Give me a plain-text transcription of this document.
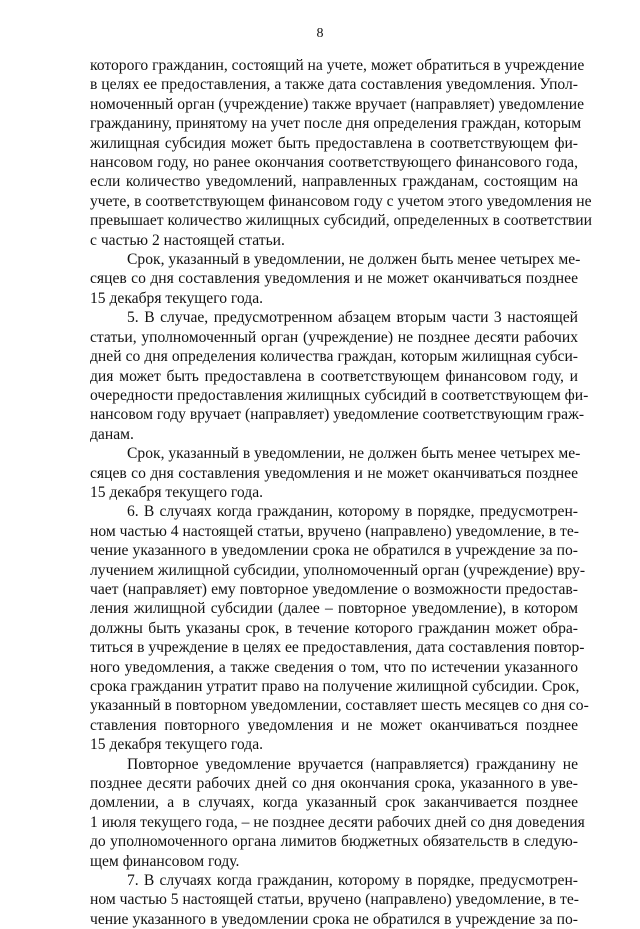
8
которого гражданин, состоящий на учете, может обратиться в учреждение
в целях ее предоставления, а также дата составления уведомления. Упол-
номоченный орган (учреждение) также вручает (направляет) уведомление
гражданину, принятому на учет после дня определения граждан, которым
жилищная субсидия может быть предоставлена в соответствующем фи-
нансовом году, но ранее окончания соответствующего финансового года,
если количество уведомлений, направленных гражданам, состоящим на
учете, в соответствующем финансовом году с учетом этого уведомления не
превышает количество жилищных субсидий, определенных в соответствии
с частью 2 настоящей статьи.
Срок, указанный в уведомлении, не должен быть менее четырех ме-
сяцев со дня составления уведомления и не может оканчиваться позднее
15 декабря текущего года.
5. В случае, предусмотренном абзацем вторым части 3 настоящей
статьи, уполномоченный орган (учреждение) не позднее десяти рабочих
дней со дня определения количества граждан, которым жилищная субси-
дия может быть предоставлена в соответствующем финансовом году, и
очередности предоставления жилищных субсидий в соответствующем фи-
нансовом году вручает (направляет) уведомление соответствующим граж-
данам.
Срок, указанный в уведомлении, не должен быть менее четырех ме-
сяцев со дня составления уведомления и не может оканчиваться позднее
15 декабря текущего года.
6. В случаях когда гражданин, которому в порядке, предусмотрен-
ном частью 4 настоящей статьи, вручено (направлено) уведомление, в те-
чение указанного в уведомлении срока не обратился в учреждение за по-
лучением жилищной субсидии, уполномоченный орган (учреждение) вру-
чает (направляет) ему повторное уведомление о возможности предостав-
ления жилищной субсидии (далее – повторное уведомление), в котором
должны быть указаны срок, в течение которого гражданин может обра-
титься в учреждение в целях ее предоставления, дата составления повтор-
ного уведомления, а также сведения о том, что по истечении указанного
срока гражданин утратит право на получение жилищной субсидии. Срок,
указанный в повторном уведомлении, составляет шесть месяцев со дня со-
ставления повторного уведомления и не может оканчиваться позднее
15 декабря текущего года.
Повторное уведомление вручается (направляется) гражданину не
позднее десяти рабочих дней со дня окончания срока, указанного в уве-
домлении, а в случаях, когда указанный срок заканчивается позднее
1 июля текущего года, – не позднее десяти рабочих дней со дня доведения
до уполномоченного органа лимитов бюджетных обязательств в следую-
щем финансовом году.
7. В случаях когда гражданин, которому в порядке, предусмотрен-
ном частью 5 настоящей статьи, вручено (направлено) уведомление, в те-
чение указанного в уведомлении срока не обратился в учреждение за по-
